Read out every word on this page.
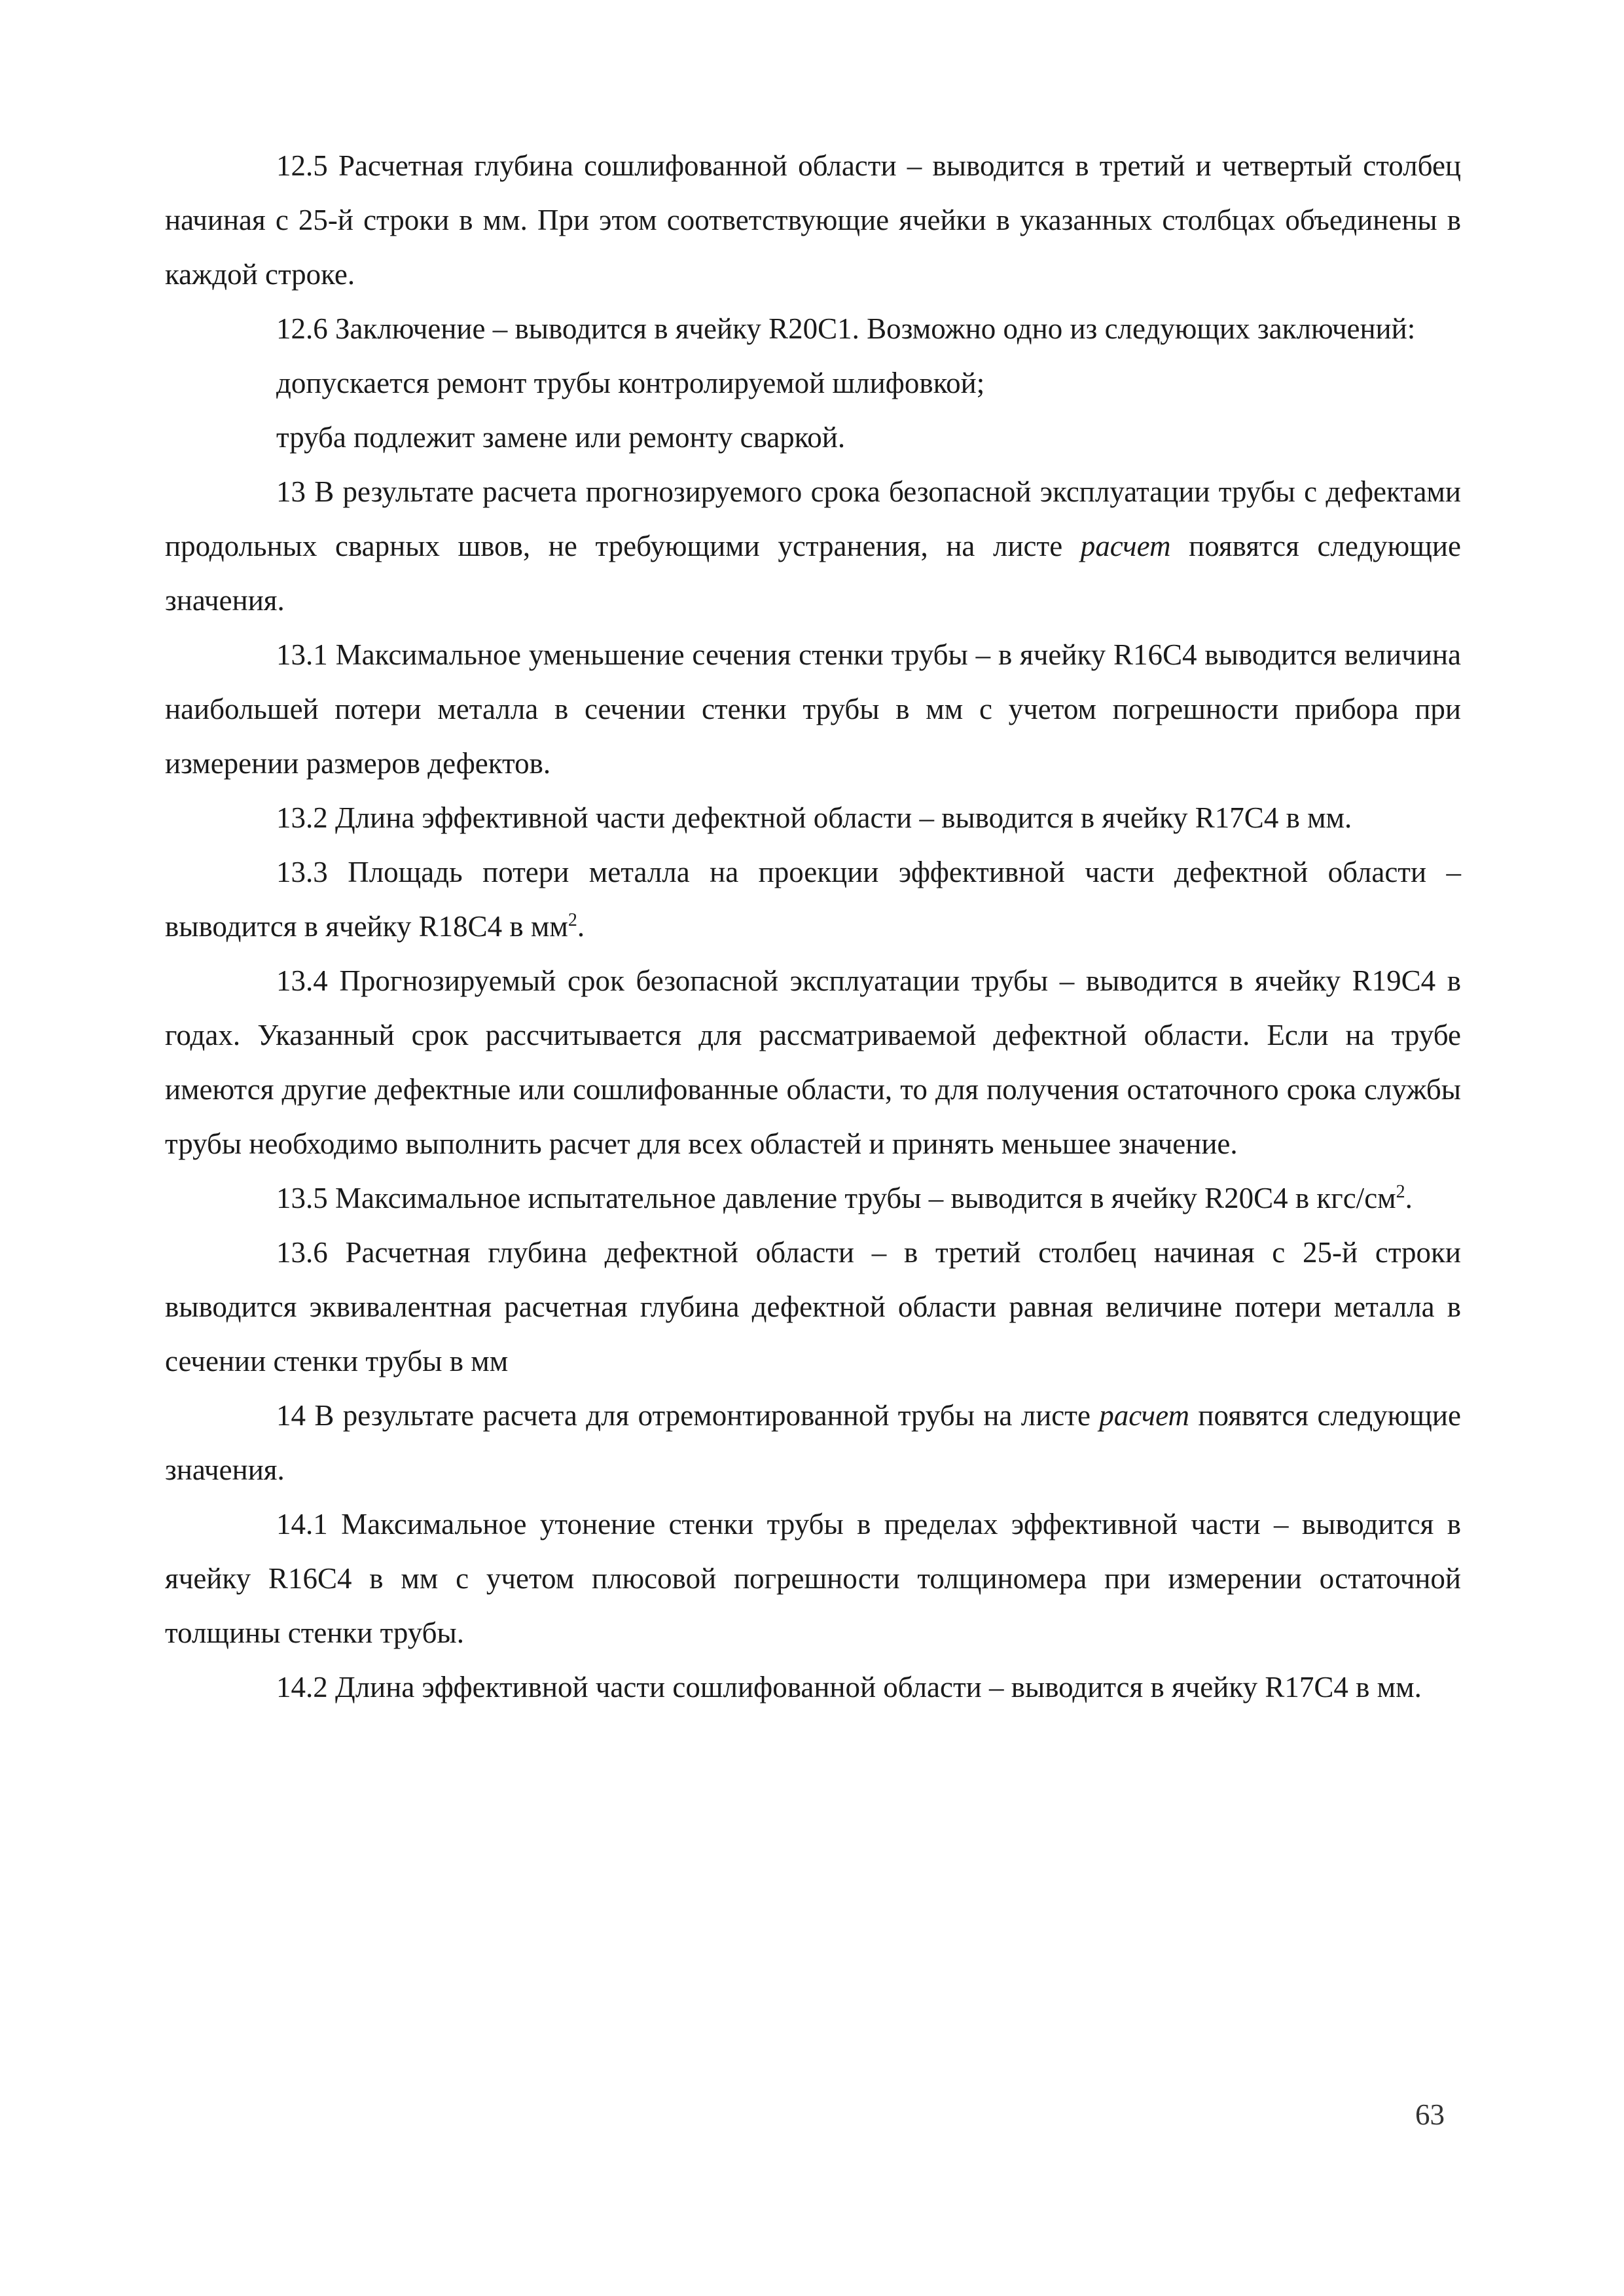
12.5 Расчетная глубина сошлифованной области – выводится в третий и четвертый столбец начиная с 25-й строки в мм. При этом соответствующие ячейки в указанных столбцах объединены в каждой строке.

12.6 Заключение – выводится в ячейку R20C1. Возможно одно из следующих заключений:

допускается ремонт трубы контролируемой шлифовкой;

труба подлежит замене или ремонту сваркой.

13 В результате расчета прогнозируемого срока безопасной эксплуатации трубы с дефектами продольных сварных швов, не требующими устранения, на листе расчет появятся следующие значения.

13.1 Максимальное уменьшение сечения стенки трубы – в ячейку R16C4 выводится величина наибольшей потери металла в сечении стенки трубы в мм с учетом погрешности прибора при измерении размеров дефектов.

13.2 Длина эффективной части дефектной области – выводится в ячейку R17C4 в мм.

13.3 Площадь потери металла на проекции эффективной части дефектной области – выводится в ячейку R18C4 в $мм^2$.

13.4 Прогнозируемый срок безопасной эксплуатации трубы – выводится в ячейку R19C4 в годах. Указанный срок рассчитывается для рассматриваемой дефектной области. Если на трубе имеются другие дефектные или сошлифованные области, то для получения остаточного срока службы трубы необходимо выполнить расчет для всех областей и принять меньшее значение.

13.5 Максимальное испытательное давление трубы – выводится в ячейку R20C4 в кгс/$см^2$.

13.6 Расчетная глубина дефектной области – в третий столбец начиная с 25-й строки выводится эквивалентная расчетная глубина дефектной области равная величине потери металла в сечении стенки трубы в мм

14 В результате расчета для отремонтированной трубы на листе расчет появятся следующие значения.

14.1 Максимальное утонение стенки трубы в пределах эффективной части – выводится в ячейку R16C4 в мм с учетом плюсовой погрешности толщиномера при измерении остаточной толщины стенки трубы.

14.2 Длина эффективной части сошлифованной области – выводится в ячейку R17C4 в мм.

63
